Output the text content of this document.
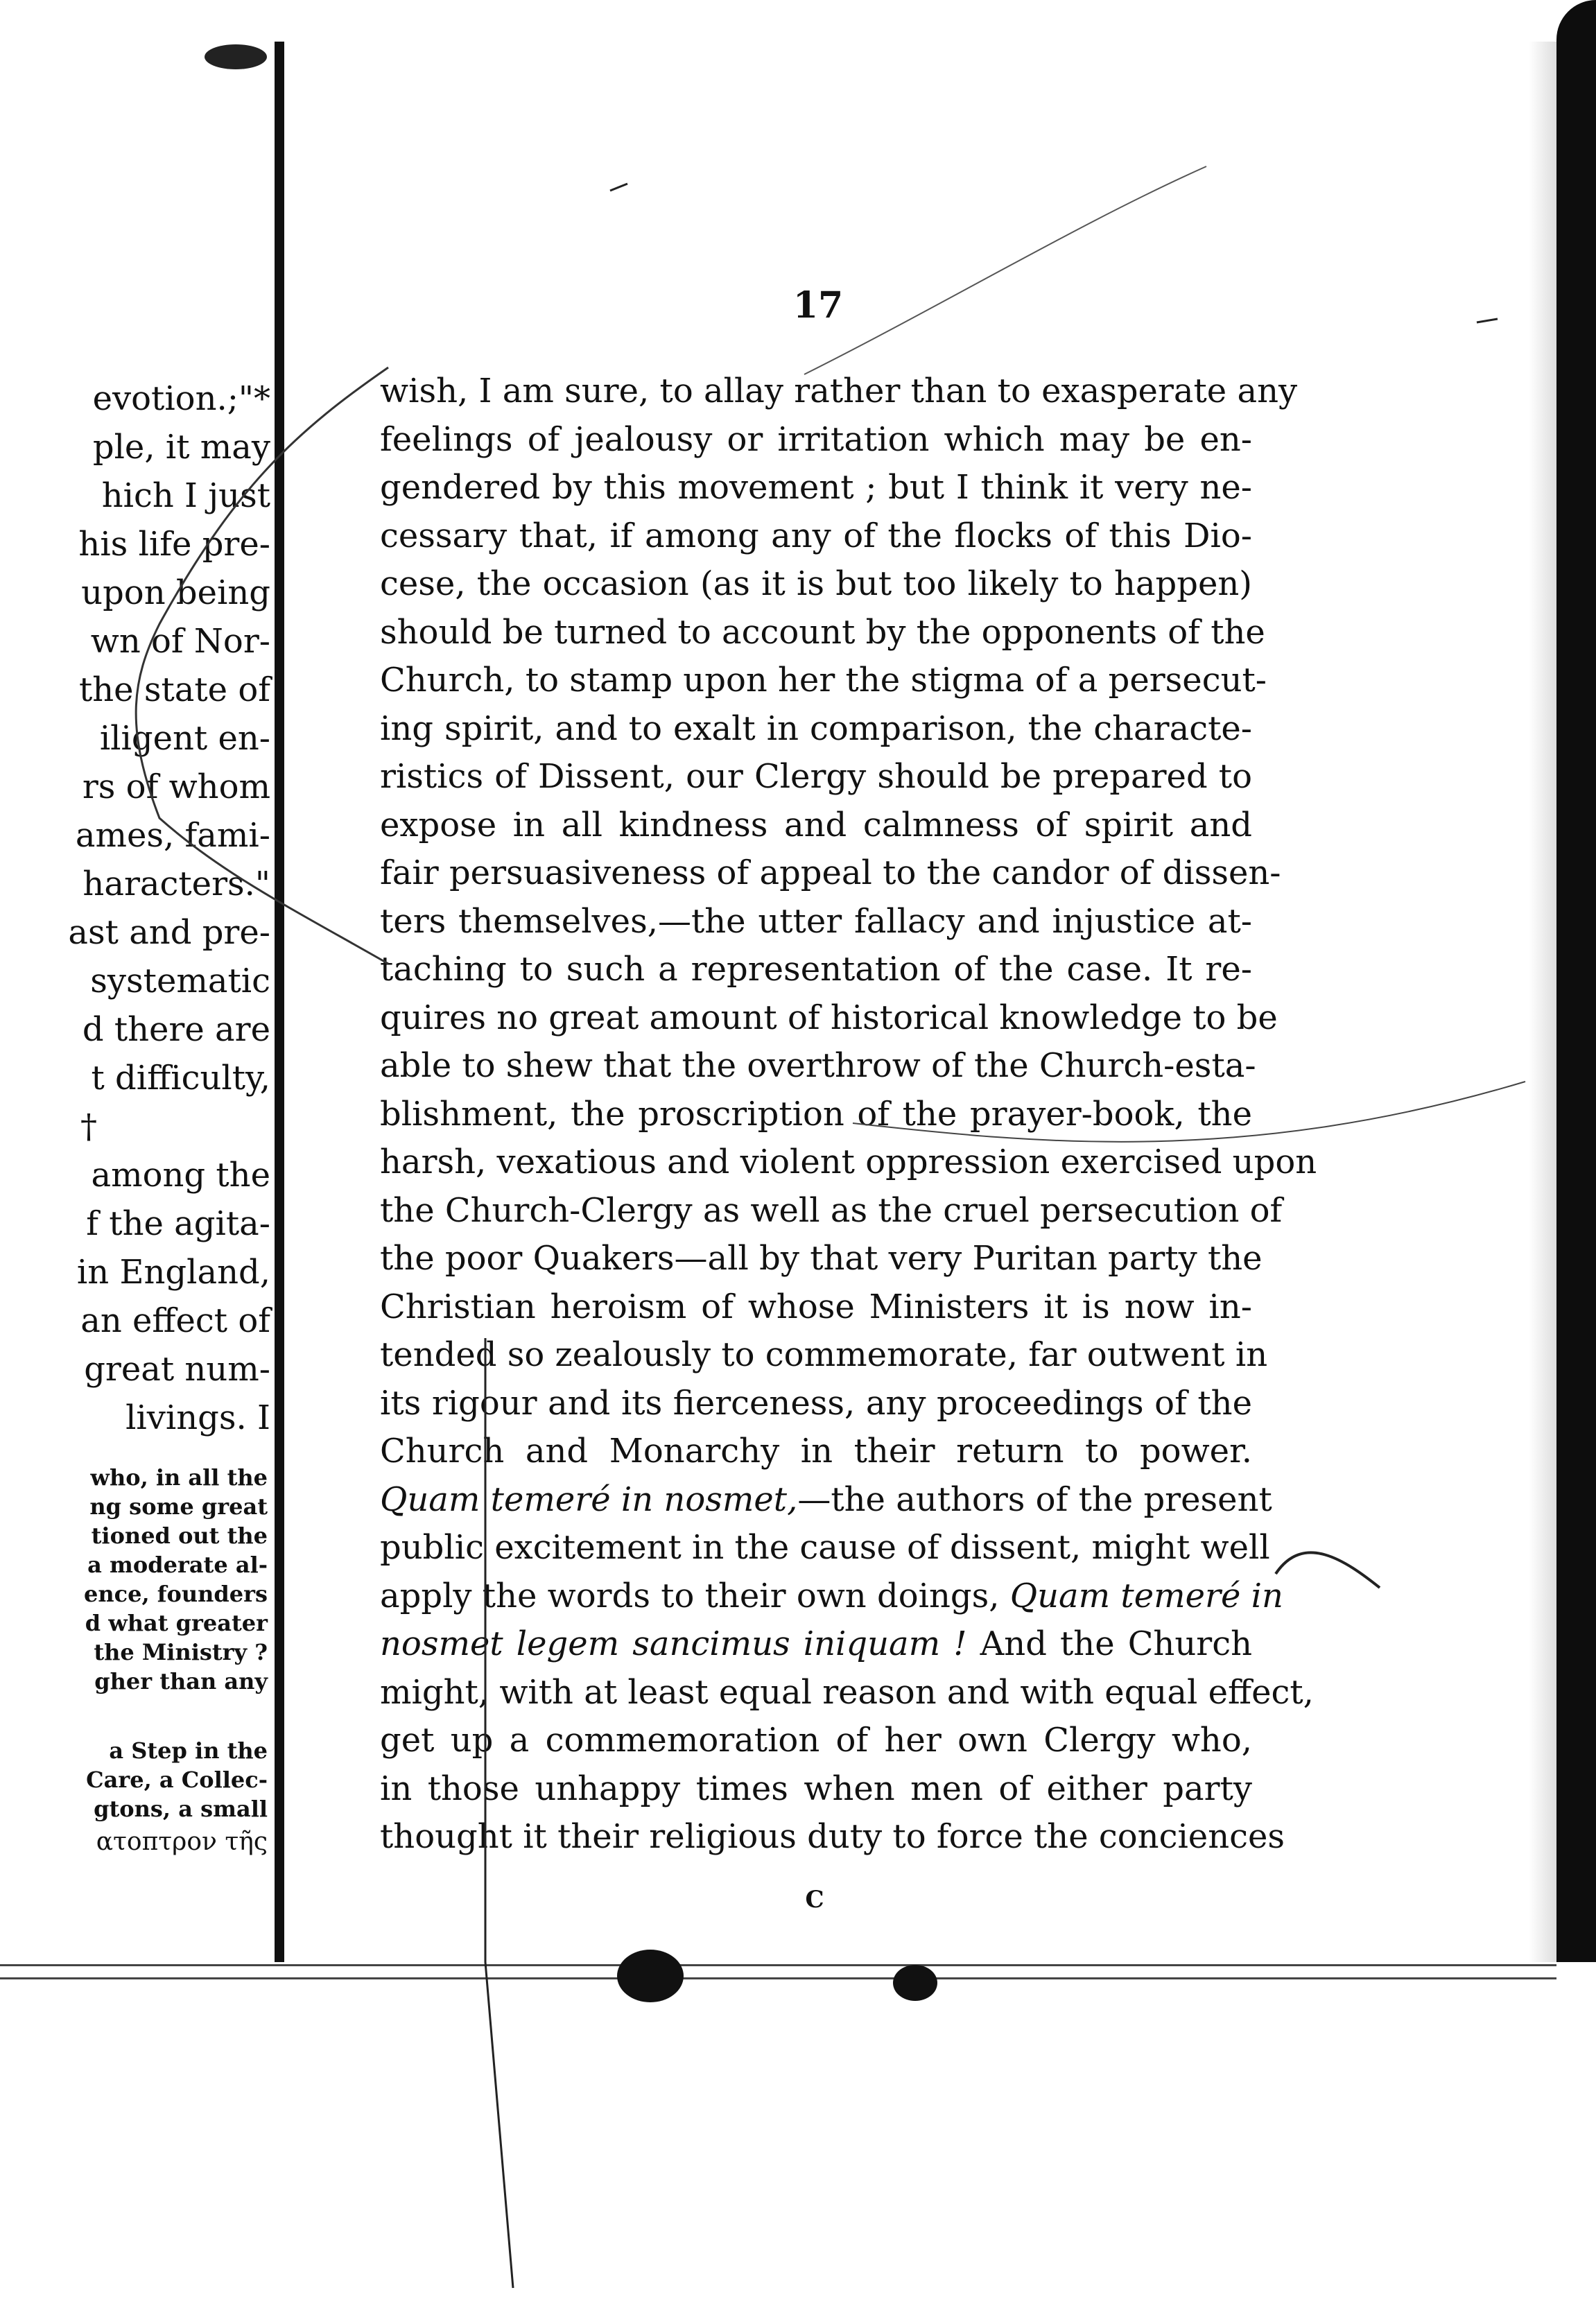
evotion.;"*
ple, it may
hich I just
his life pre-
upon being
wn of Nor-
the state of
iligent en-
rs of whom
ames, fami-
haracters."
ast and pre-
systematic
d there are
t difficulty,
†
among the
f the agita-
in England,
an effect of
great num-
livings. I
who, in all the
ng some great
tioned out the
a moderate al-
ence, founders
d what greater
the Ministry ?
gher than any
a Step in the
Care, a Collec-
gtons, a small
ατοπτρον τῆς
17
wish, I am sure, to allay rather than to exasperate any
feelings of jealousy or irritation which may be en-
gendered by this movement ; but I think it very ne-
cessary that, if among any of the flocks of this Dio-
cese, the occasion (as it is but too likely to happen)
should be turned to account by the opponents of the
Church, to stamp upon her the stigma of a persecut-
ing spirit, and to exalt in comparison, the characte-
ristics of Dissent, our Clergy should be prepared to
expose in all kindness and calmness of spirit and
fair persuasiveness of appeal to the candor of dissen-
ters themselves,—the utter fallacy and injustice at-
taching to such a representation of the case. It re-
quires no great amount of historical knowledge to be
able to shew that the overthrow of the Church-esta-
blishment, the proscription of the prayer-book, the
harsh, vexatious and violent oppression exercised upon
the Church-Clergy as well as the cruel persecution of
the poor Quakers—all by that very Puritan party the
Christian heroism of whose Ministers it is now in-
tended so zealously to commemorate, far outwent in
its rigour and its fierceness, any proceedings of the
Church and Monarchy in their return to power.
Quam temeré in nosmet,—the authors of the present
public excitement in the cause of dissent, might well
apply the words to their own doings, Quam temeré in
nosmet legem sancimus iniquam ! And the Church
might, with at least equal reason and with equal effect,
get up a commemoration of her own Clergy who,
in those unhappy times when men of either party
thought it their religious duty to force the conciences
C
